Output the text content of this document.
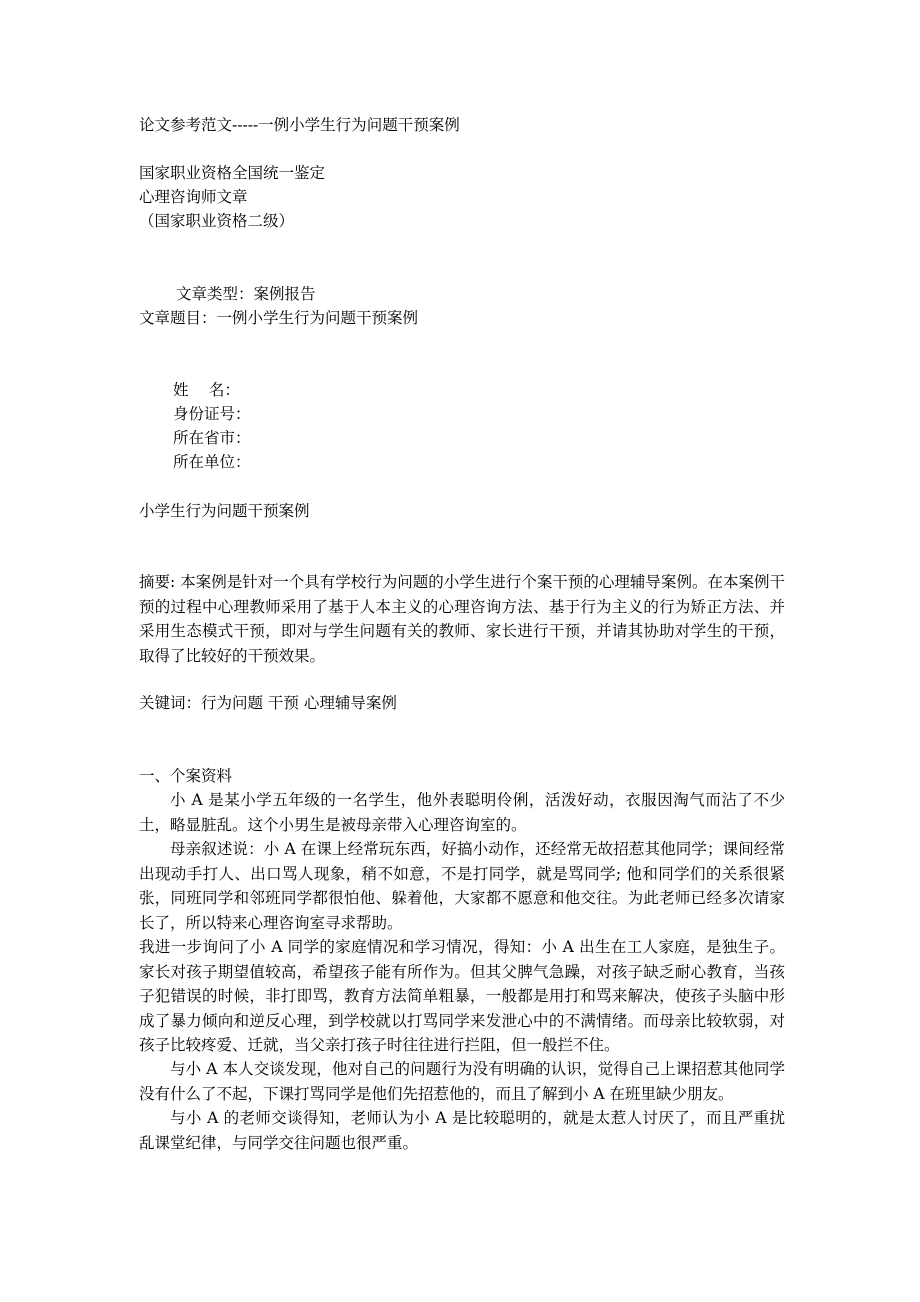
论文参考范文-----一例小学生行为问题干预案例
国家职业资格全国统一鉴定
心理咨询师文章
（国家职业资格二级）
文章类型：案例报告
文章题目：一例小学生行为问题干预案例
姓　 名：
身份证号：
所在省市：
所在单位：
小学生行为问题干预案例
摘要: 本案例是针对一个具有学校行为问题的小学生进行个案干预的心理辅导案例。在本案例干预的过程中心理教师采用了基于人本主义的心理咨询方法、基于行为主义的行为矫正方法、并采用生态模式干预，即对与学生问题有关的教师、家长进行干预，并请其协助对学生的干预，取得了比较好的干预效果。
关键词：行为问题 干预 心理辅导案例
一、个案资料
小 A 是某小学五年级的一名学生，他外表聪明伶俐，活泼好动，衣服因淘气而沾了不少土，略显脏乱。这个小男生是被母亲带入心理咨询室的。
母亲叙述说：小 A 在课上经常玩东西，好搞小动作，还经常无故招惹其他同学；课间经常出现动手打人、出口骂人现象，稍不如意，不是打同学，就是骂同学; 他和同学们的关系很紧张，同班同学和邻班同学都很怕他、躲着他，大家都不愿意和他交往。为此老师已经多次请家长了，所以特来心理咨询室寻求帮助。
我进一步询问了小 A 同学的家庭情况和学习情况，得知：小 A 出生在工人家庭，是独生子。家长对孩子期望值较高，希望孩子能有所作为。但其父脾气急躁，对孩子缺乏耐心教育，当孩子犯错误的时候，非打即骂，教育方法简单粗暴，一般都是用打和骂来解决，使孩子头脑中形成了暴力倾向和逆反心理，到学校就以打骂同学来发泄心中的不满情绪。而母亲比较软弱，对孩子比较疼爱、迁就，当父亲打孩子时往往进行拦阻，但一般拦不住。
与小 A 本人交谈发现，他对自己的问题行为没有明确的认识，觉得自己上课招惹其他同学没有什么了不起，下课打骂同学是他们先招惹他的，而且了解到小 A 在班里缺少朋友。
与小 A 的老师交谈得知，老师认为小 A 是比较聪明的，就是太惹人讨厌了，而且严重扰乱课堂纪律，与同学交往问题也很严重。
